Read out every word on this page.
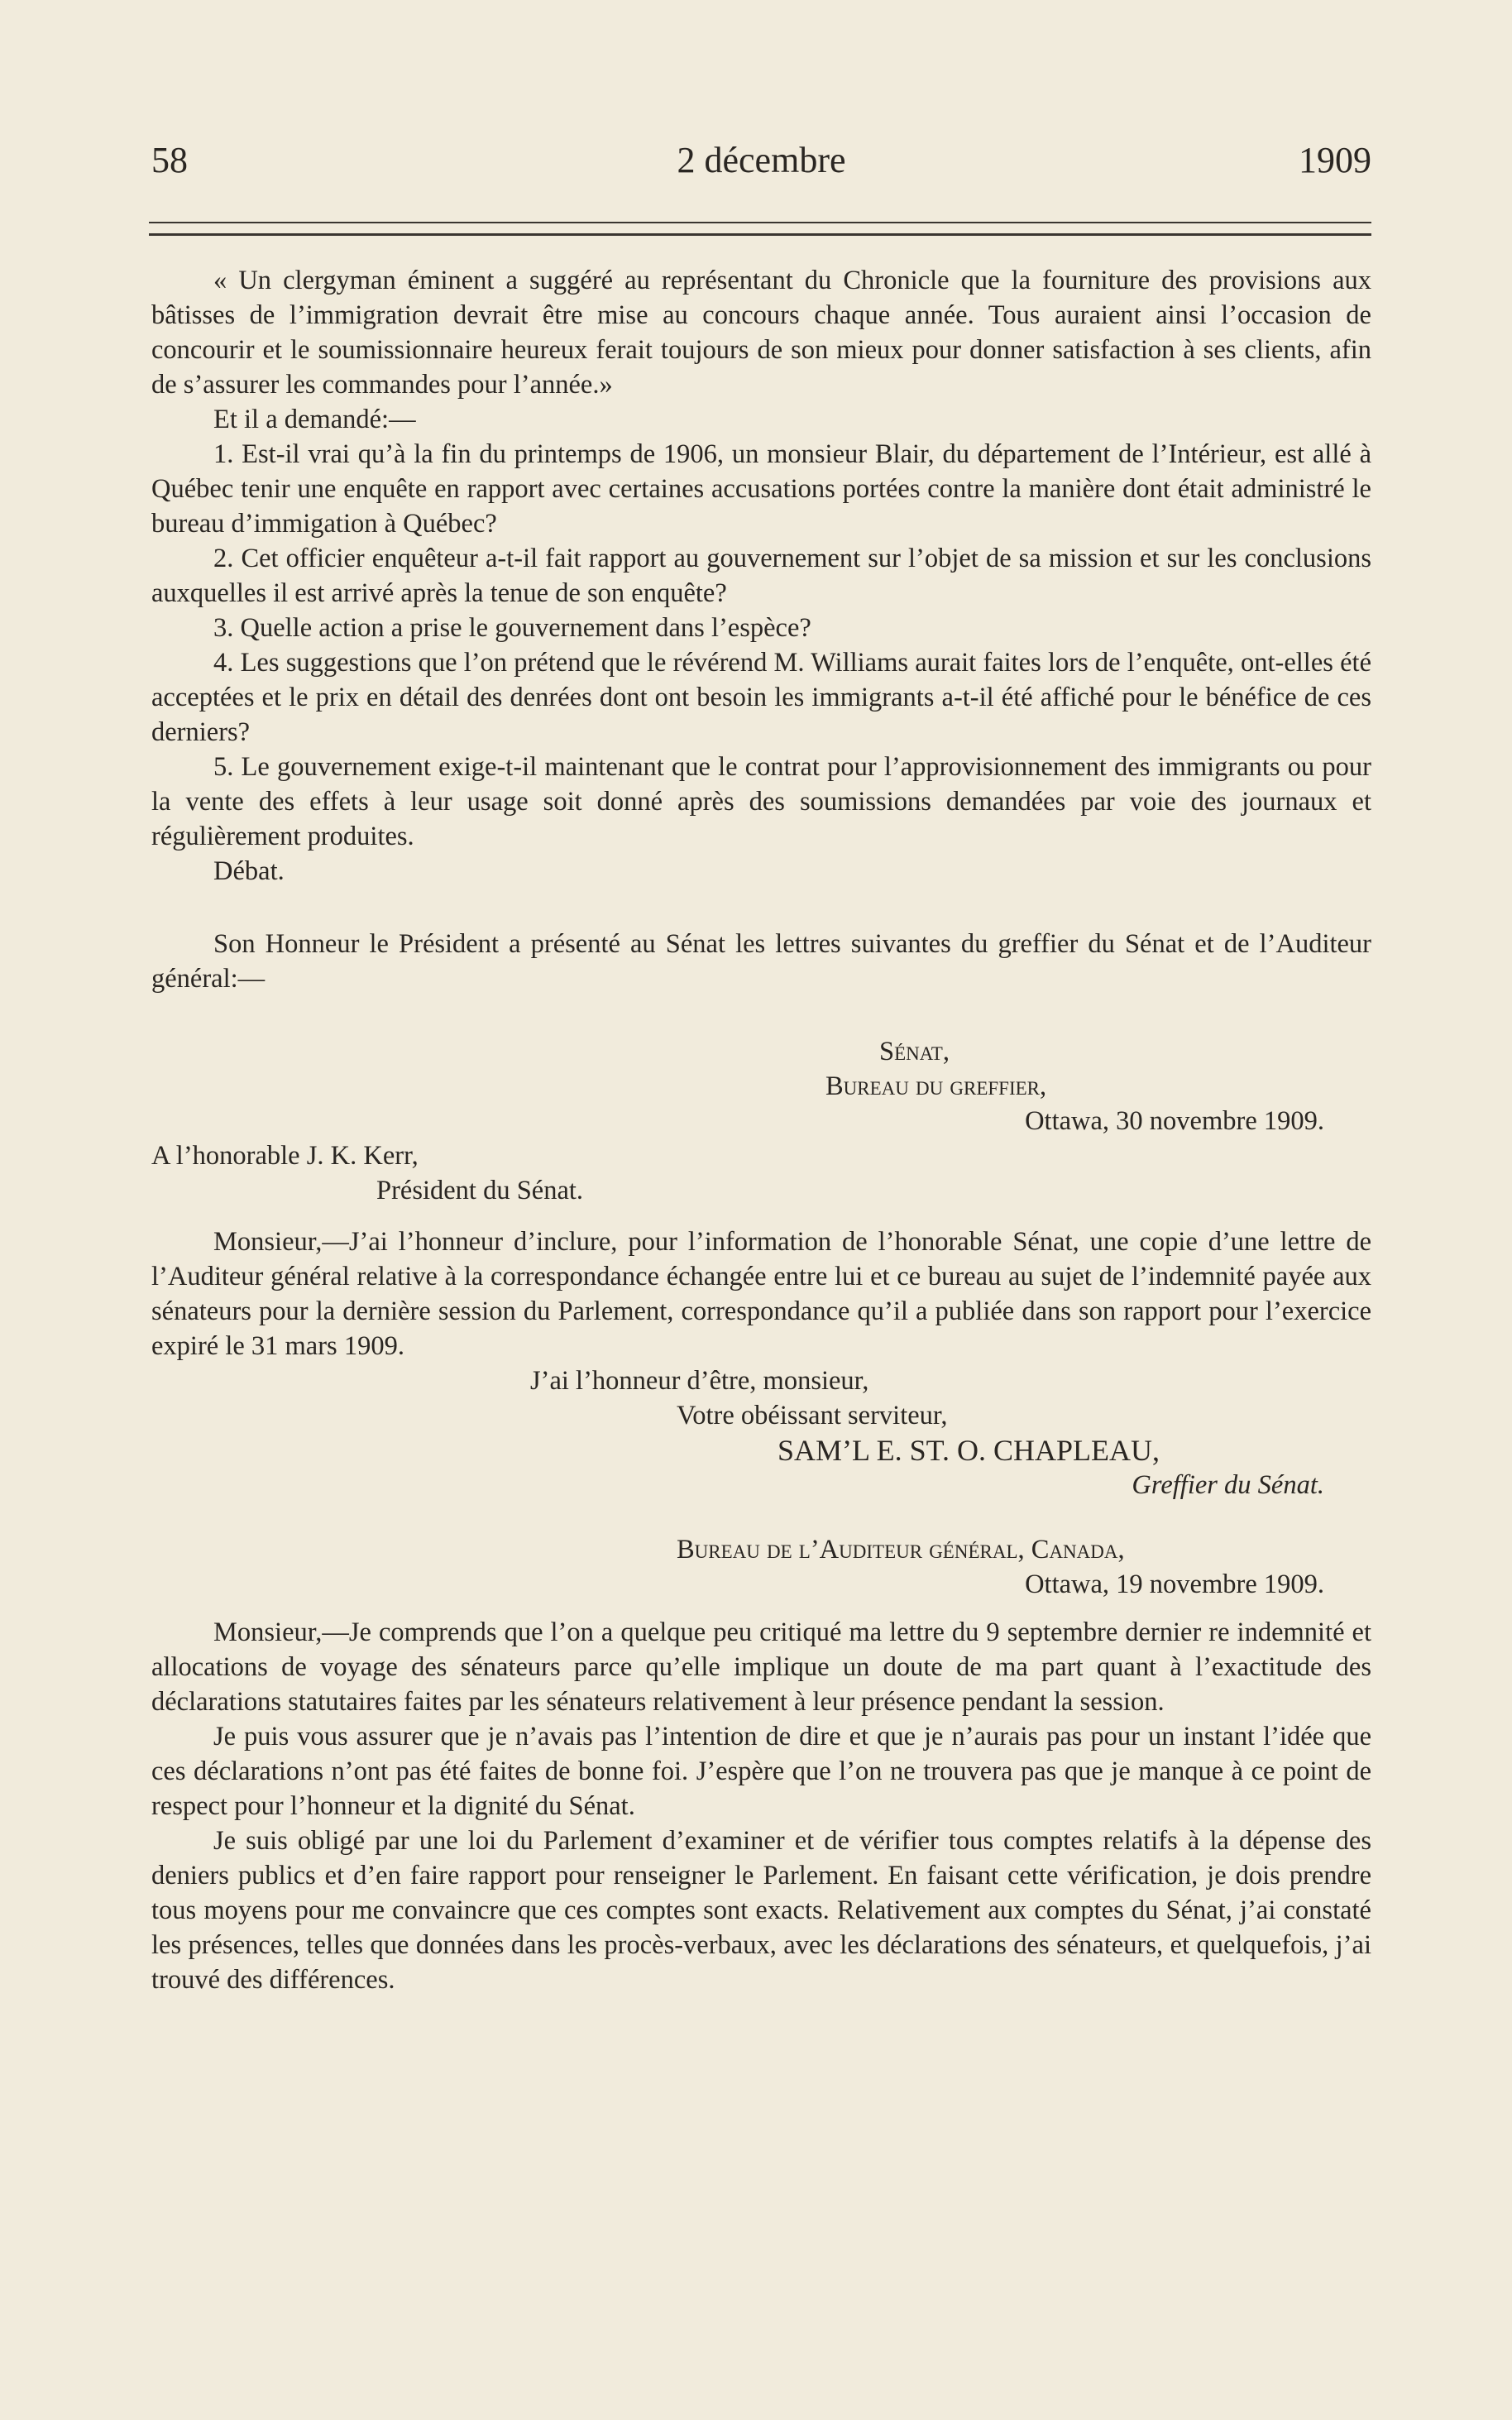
58	2 décembre	1909

« Un clergyman éminent a suggéré au représentant du Chronicle que la fourniture des provisions aux bâtisses de l’immigration devrait être mise au concours chaque année. Tous auraient ainsi l’occasion de concourir et le soumissionnaire heureux ferait toujours de son mieux pour donner satisfaction à ses clients, afin de s’assurer les commandes pour l’année.»

Et il a demandé:—

1. Est-il vrai qu’à la fin du printemps de 1906, un monsieur Blair, du département de l’Intérieur, est allé à Québec tenir une enquête en rapport avec certaines accusations portées contre la manière dont était administré le bureau d’immigation à Québec?

2. Cet officier enquêteur a-t-il fait rapport au gouvernement sur l’objet de sa mission et sur les conclusions auxquelles il est arrivé après la tenue de son enquête?

3. Quelle action a prise le gouvernement dans l’espèce?

4. Les suggestions que l’on prétend que le révérend M. Williams aurait faites lors de l’enquête, ont-elles été acceptées et le prix en détail des denrées dont ont besoin les immigrants a-t-il été affiché pour le bénéfice de ces derniers?

5. Le gouvernement exige-t-il maintenant que le contrat pour l’approvisionnement des immigrants ou pour la vente des effets à leur usage soit donné après des soumissions demandées par voie des journaux et régulièrement produites.

Débat.

Son Honneur le Président a présenté au Sénat les lettres suivantes du greffier du Sénat et de l’Auditeur général:—

Sénat,

Bureau du greffier,

Ottawa, 30 novembre 1909.

A l’honorable J. K. Kerr,

Président du Sénat.

Monsieur,—J’ai l’honneur d’inclure, pour l’information de l’honorable Sénat, une copie d’une lettre de l’Auditeur général relative à la correspondance échangée entre lui et ce bureau au sujet de l’indemnité payée aux sénateurs pour la dernière session du Parlement, correspondance qu’il a publiée dans son rapport pour l’exercice expiré le 31 mars 1909.

J’ai l’honneur d’être, monsieur,

Votre obéissant serviteur,

SAM’L E. ST. O. CHAPLEAU,

Greffier du Sénat.

Bureau de l’Auditeur général, Canada,

Ottawa, 19 novembre 1909.

Monsieur,—Je comprends que l’on a quelque peu critiqué ma lettre du 9 septembre dernier re indemnité et allocations de voyage des sénateurs parce qu’elle implique un doute de ma part quant à l’exactitude des déclarations statutaires faites par les sénateurs relativement à leur présence pendant la session.

Je puis vous assurer que je n’avais pas l’intention de dire et que je n’aurais pas pour un instant l’idée que ces déclarations n’ont pas été faites de bonne foi. J’espère que l’on ne trouvera pas que je manque à ce point de respect pour l’honneur et la dignité du Sénat.

Je suis obligé par une loi du Parlement d’examiner et de vérifier tous comptes relatifs à la dépense des deniers publics et d’en faire rapport pour renseigner le Parlement. En faisant cette vérification, je dois prendre tous moyens pour me convaincre que ces comptes sont exacts. Relativement aux comptes du Sénat, j’ai constaté les présences, telles que données dans les procès-verbaux, avec les déclarations des sénateurs, et quelquefois, j’ai trouvé des différences.
